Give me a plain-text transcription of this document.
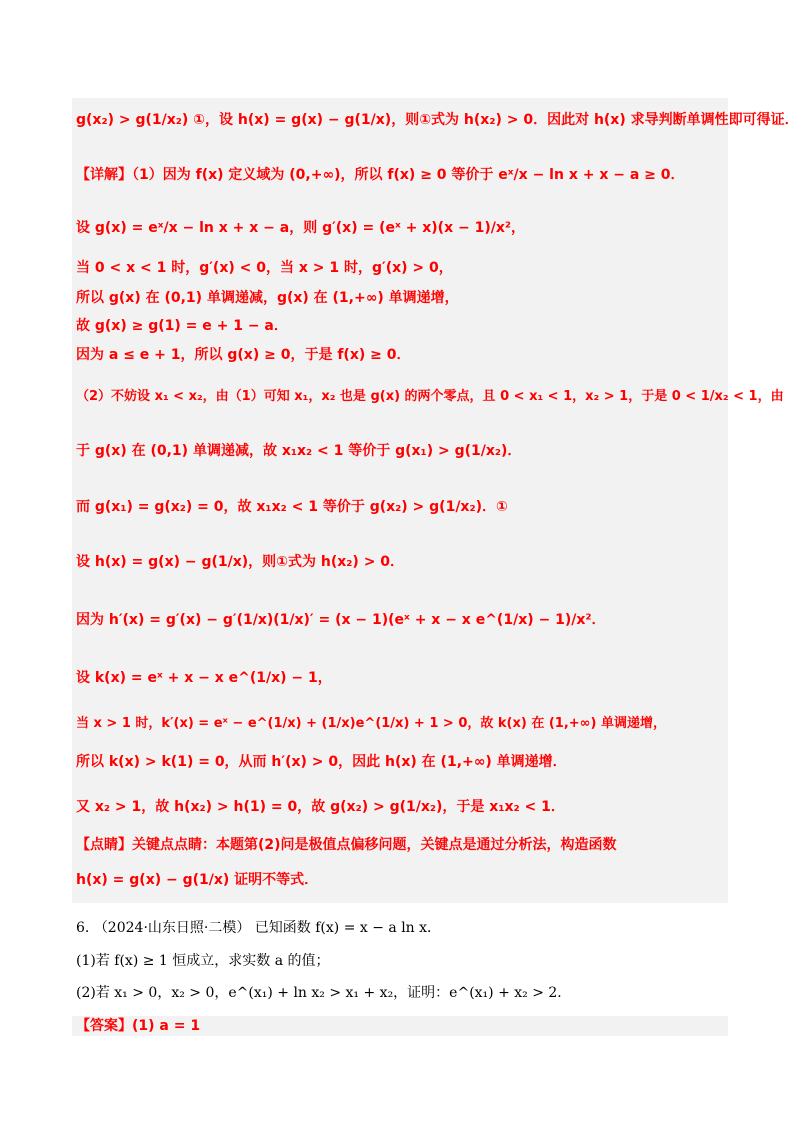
g(x₂) > g(1/x₂) ①，设 h(x) = g(x) − g(1/x)，则①式为 h(x₂) > 0．因此对 h(x) 求导判断单调性即可得证．
【详解】（1）因为 f(x) 定义域为 (0,+∞)，所以 f(x) ≥ 0 等价于 eˣ/x − ln x + x − a ≥ 0．
设 g(x) = eˣ/x − ln x + x − a，则 g′(x) = (eˣ + x)(x − 1)/x²，
当 0 < x < 1 时，g′(x) < 0，当 x > 1 时，g′(x) > 0，
所以 g(x) 在 (0,1) 单调递减，g(x) 在 (1,+∞) 单调递增，
故 g(x) ≥ g(1) = e + 1 − a．
因为 a ≤ e + 1，所以 g(x) ≥ 0，于是 f(x) ≥ 0．
（2）不妨设 x₁ < x₂，由（1）可知 x₁，x₂ 也是 g(x) 的两个零点，且 0 < x₁ < 1，x₂ > 1，于是 0 < 1/x₂ < 1，由
于 g(x) 在 (0,1) 单调递减，故 x₁x₂ < 1 等价于 g(x₁) > g(1/x₂)．
而 g(x₁) = g(x₂) = 0，故 x₁x₂ < 1 等价于 g(x₂) > g(1/x₂)．①
设 h(x) = g(x) − g(1/x)，则①式为 h(x₂) > 0．
因为 h′(x) = g′(x) − g′(1/x)(1/x)′ = (x − 1)(eˣ + x − x e^(1/x) − 1)/x²．
设 k(x) = eˣ + x − x e^(1/x) − 1，
当 x > 1 时，k′(x) = eˣ − e^(1/x) + (1/x)e^(1/x) + 1 > 0，故 k(x) 在 (1,+∞) 单调递增，
所以 k(x) > k(1) = 0，从而 h′(x) > 0，因此 h(x) 在 (1,+∞) 单调递增．
又 x₂ > 1，故 h(x₂) > h(1) = 0，故 g(x₂) > g(1/x₂)，于是 x₁x₂ < 1．
【点睛】关键点点睛：本题第(2)问是极值点偏移问题，关键点是通过分析法，构造函数
h(x) = g(x) − g(1/x) 证明不等式．
6. （2024·山东日照·二模） 已知函数 f(x) = x − a ln x．
(1)若 f(x) ≥ 1 恒成立，求实数 a 的值；
(2)若 x₁ > 0，x₂ > 0，e^(x₁) + ln x₂ > x₁ + x₂，证明：e^(x₁) + x₂ > 2．
【答案】(1) a = 1
